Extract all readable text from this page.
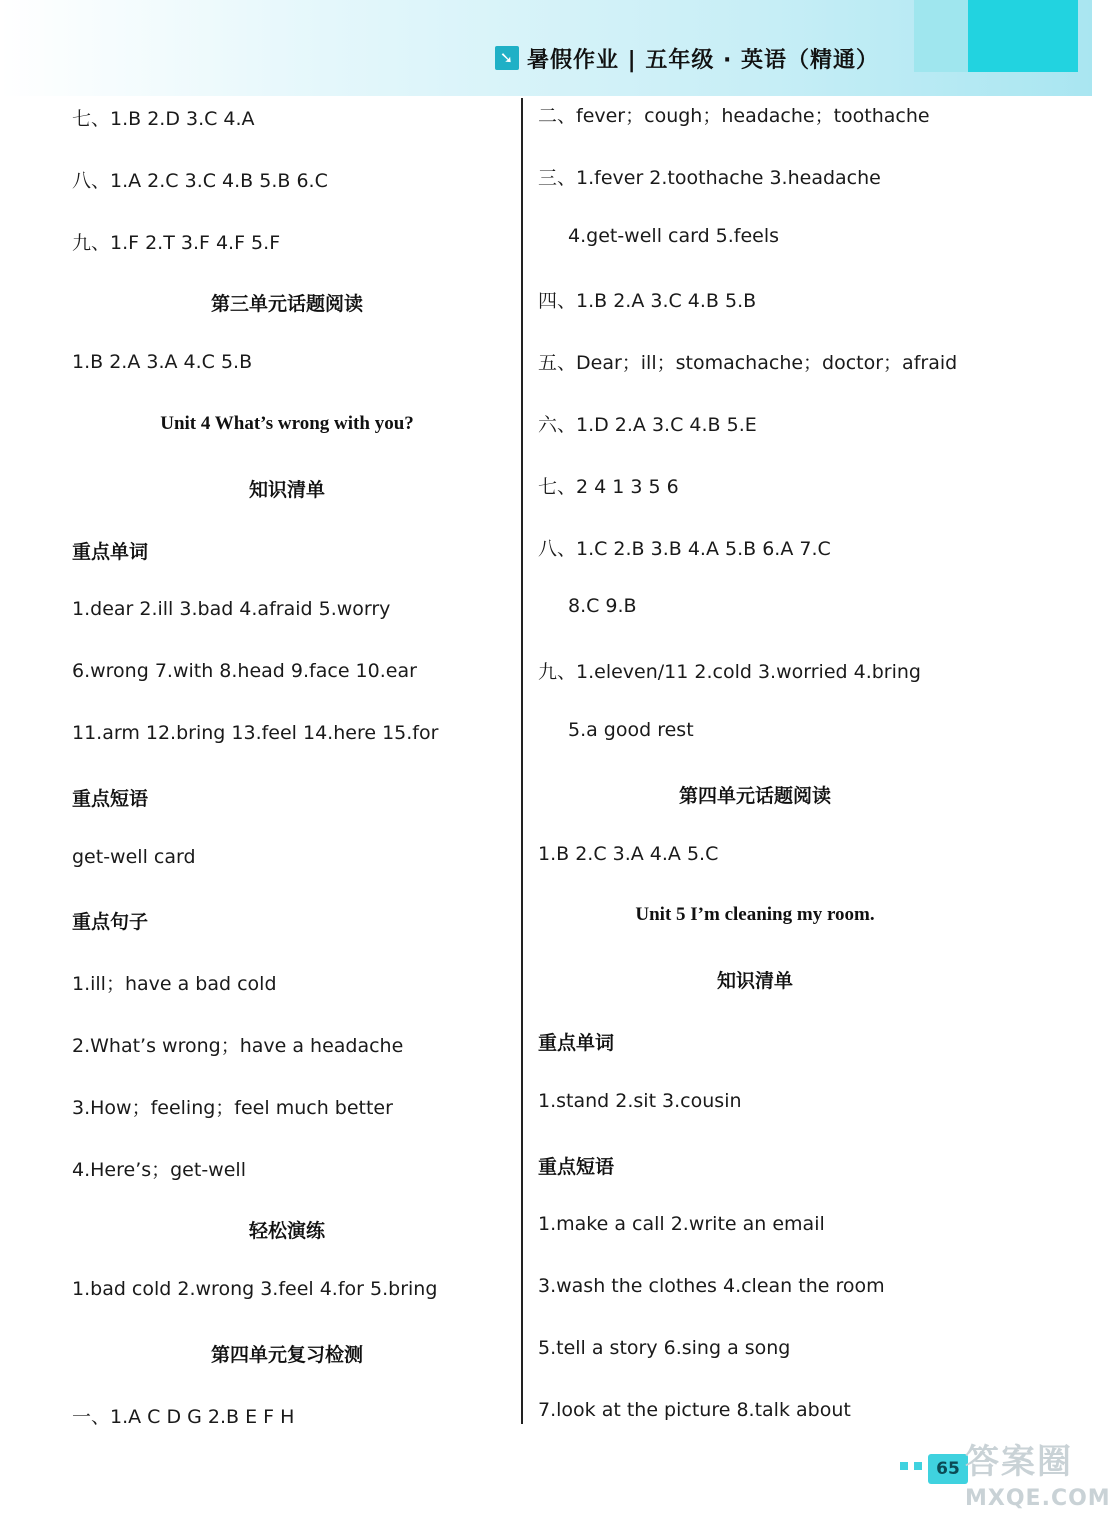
➘ 暑假作业 | 五年级 · 英语（精通）
七、1.B 2.D 3.C 4.A
八、1.A 2.C 3.C 4.B 5.B 6.C
九、1.F 2.T 3.F 4.F 5.F
第三单元话题阅读
1.B 2.A 3.A 4.C 5.B
Unit 4 What’s wrong with you?
知识清单
重点单词
1.dear 2.ill 3.bad 4.afraid 5.worry
6.wrong 7.with 8.head 9.face 10.ear
11.arm 12.bring 13.feel 14.here 15.for
重点短语
get-well card
重点句子
1.ill；have a bad cold
2.What’s wrong；have a headache
3.How；feeling；feel much better
4.Here’s；get-well
轻松演练
1.bad cold 2.wrong 3.feel 4.for 5.bring
第四单元复习检测
一、1.A C D G 2.B E F H
二、fever；cough；headache；toothache
三、1.fever 2.toothache 3.headache
4.get-well card 5.feels
四、1.B 2.A 3.C 4.B 5.B
五、Dear；ill；stomachache；doctor；afraid
六、1.D 2.A 3.C 4.B 5.E
七、2 4 1 3 5 6
八、1.C 2.B 3.B 4.A 5.B 6.A 7.C
8.C 9.B
九、1.eleven/11 2.cold 3.worried 4.bring
5.a good rest
第四单元话题阅读
1.B 2.C 3.A 4.A 5.C
Unit 5 I’m cleaning my room.
知识清单
重点单词
1.stand 2.sit 3.cousin
重点短语
1.make a call 2.write an email
3.wash the clothes 4.clean the room
5.tell a story 6.sing a song
7.look at the picture 8.talk about
65 答案圈
MXQE.COM
